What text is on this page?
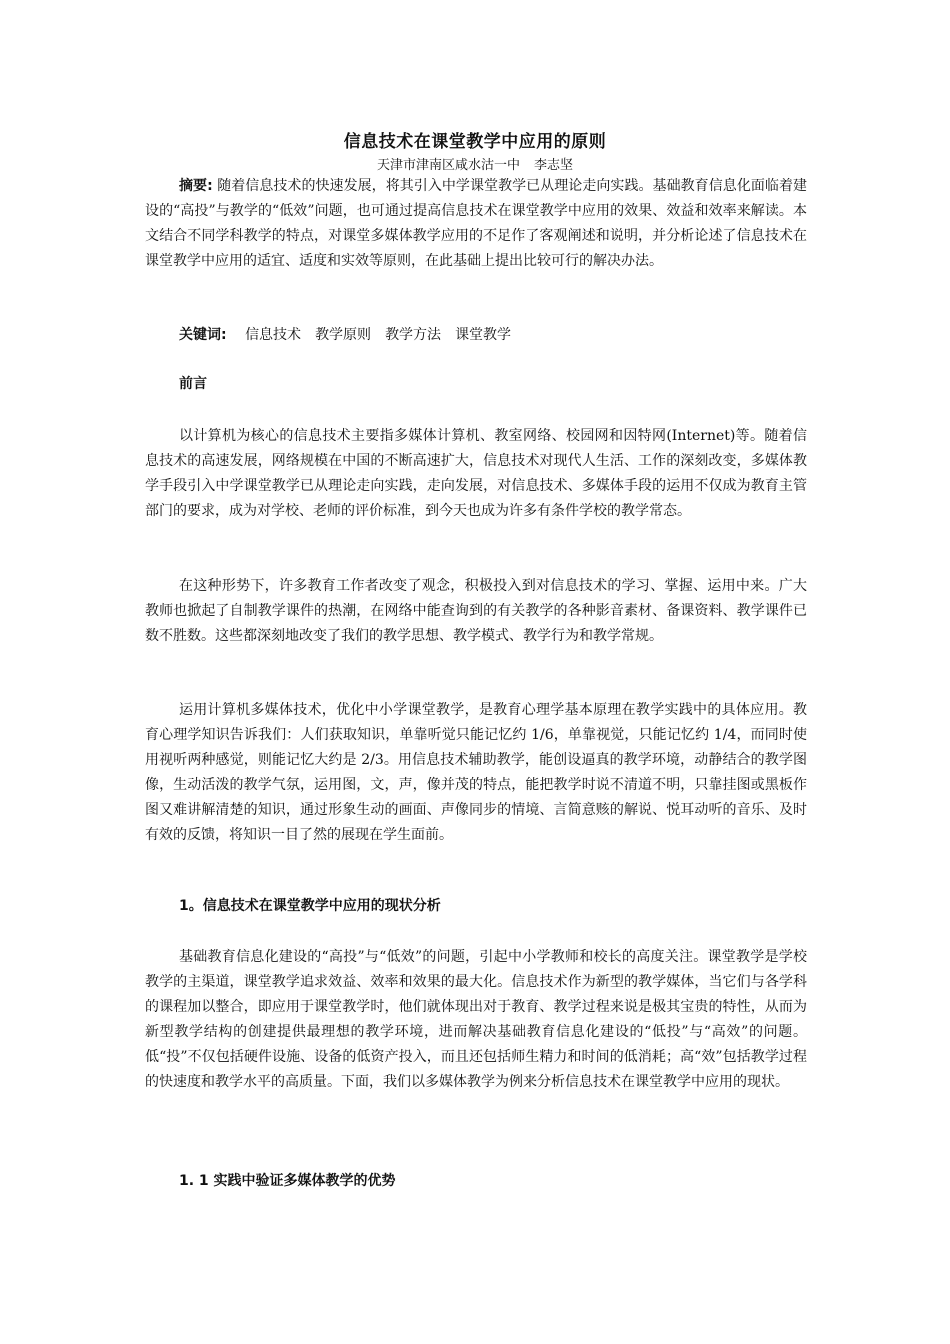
信息技术在课堂教学中应用的原则
天津市津南区咸水沽一中 李志坚

摘要: 随着信息技术的快速发展，将其引入中学课堂教学已从理论走向实践。基础教育信息化面临着建设的“高投”与教学的“低效”问题，也可通过提高信息技术在课堂教学中应用的效果、效益和效率来解读。本文结合不同学科教学的特点，对课堂多媒体教学应用的不足作了客观阐述和说明，并分析论述了信息技术在课堂教学中应用的适宜、适度和实效等原则，在此基础上提出比较可行的解决办法。

关键词: 信息技术 教学原则 教学方法 课堂教学
前言

以计算机为核心的信息技术主要指多媒体计算机、教室网络、校园网和因特网(Internet)等。随着信息技术的高速发展，网络规模在中国的不断高速扩大，信息技术对现代人生活、工作的深刻改变，多媒体教学手段引入中学课堂教学已从理论走向实践，走向发展，对信息技术、多媒体手段的运用不仅成为教育主管部门的要求，成为对学校、老师的评价标准，到今天也成为许多有条件学校的教学常态。

在这种形势下，许多教育工作者改变了观念，积极投入到对信息技术的学习、掌握、运用中来。广大教师也掀起了自制教学课件的热潮，在网络中能查询到的有关教学的各种影音素材、备课资料、教学课件已数不胜数。这些都深刻地改变了我们的教学思想、教学模式、教学行为和教学常规。

运用计算机多媒体技术，优化中小学课堂教学，是教育心理学基本原理在教学实践中的具体应用。教育心理学知识告诉我们：人们获取知识，单靠听觉只能记忆约 1/6，单靠视觉，只能记忆约 1/4，而同时使用视听两种感觉，则能记忆大约是 2/3。用信息技术辅助教学，能创设逼真的教学环境，动静结合的教学图像，生动活泼的教学气氛，运用图，文，声，像并茂的特点，能把教学时说不清道不明，只靠挂图或黑板作图又难讲解清楚的知识，通过形象生动的画面、声像同步的情境、言简意赅的解说、悦耳动听的音乐、及时有效的反馈，将知识一目了然的展现在学生面前。

1。信息技术在课堂教学中应用的现状分析

基础教育信息化建设的“高投”与“低效”的问题，引起中小学教师和校长的高度关注。课堂教学是学校教学的主渠道，课堂教学追求效益、效率和效果的最大化。信息技术作为新型的教学媒体，当它们与各学科的课程加以整合，即应用于课堂教学时，他们就体现出对于教育、教学过程来说是极其宝贵的特性，从而为新型教学结构的创建提供最理想的教学环境，进而解决基础教育信息化建设的“低投”与“高效”的问题。低“投”不仅包括硬件设施、设备的低资产投入，而且还包括师生精力和时间的低消耗；高“效”包括教学过程的快速度和教学水平的高质量。下面，我们以多媒体教学为例来分析信息技术在课堂教学中应用的现状。

1. 1 实践中验证多媒体教学的优势
